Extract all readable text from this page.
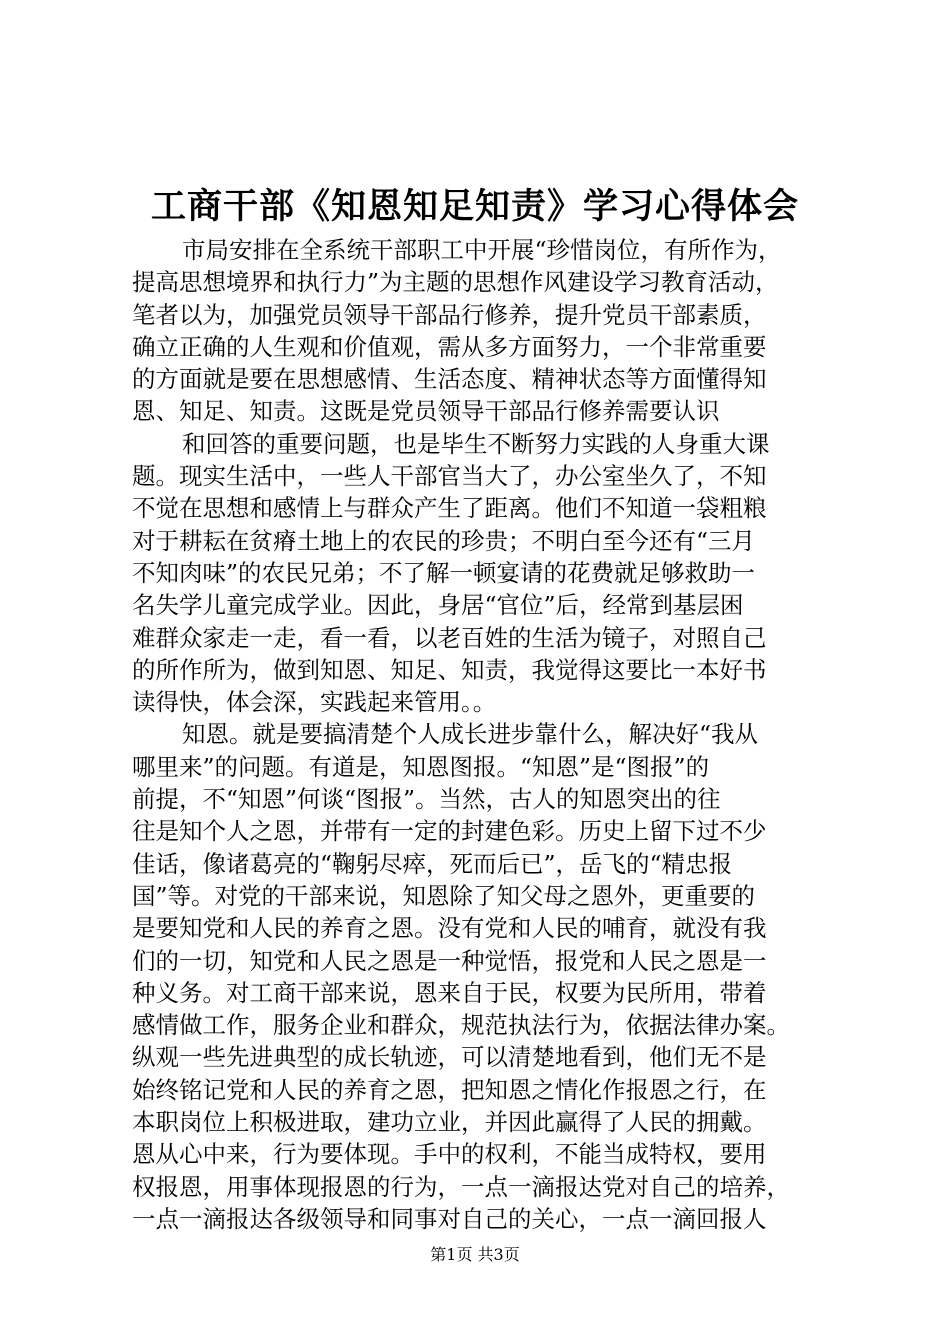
工商干部《知恩知足知责》学习心得体会

市局安排在全系统干部职工中开展“珍惜岗位，有所作为，
提高思想境界和执行力”为主题的思想作风建设学习教育活动，
笔者以为，加强党员领导干部品行修养，提升党员干部素质，
确立正确的人生观和价值观，需从多方面努力，一个非常重要
的方面就是要在思想感情、生活态度、精神状态等方面懂得知
恩、知足、知责。这既是党员领导干部品行修养需要认识

和回答的重要问题，也是毕生不断努力实践的人身重大课
题。现实生活中，一些人干部官当大了，办公室坐久了，不知
不觉在思想和感情上与群众产生了距离。他们不知道一袋粗粮
对于耕耘在贫瘠土地上的农民的珍贵；不明白至今还有“三月
不知肉味”的农民兄弟；不了解一顿宴请的花费就足够救助一
名失学儿童完成学业。因此，身居“官位”后，经常到基层困
难群众家走一走，看一看，以老百姓的生活为镜子，对照自己
的所作所为，做到知恩、知足、知责，我觉得这要比一本好书
读得快，体会深，实践起来管用。。

知恩。就是要搞清楚个人成长进步靠什么，解决好“我从
哪里来”的问题。有道是，知恩图报。“知恩”是“图报”的
前提，不“知恩”何谈“图报”。当然，古人的知恩突出的往
往是知个人之恩，并带有一定的封建色彩。历史上留下过不少
佳话，像诸葛亮的“鞠躬尽瘁，死而后已”，岳飞的“精忠报
国”等。对党的干部来说，知恩除了知父母之恩外，更重要的
是要知党和人民的养育之恩。没有党和人民的哺育，就没有我
们的一切，知党和人民之恩是一种觉悟，报党和人民之恩是一
种义务。对工商干部来说，恩来自于民，权要为民所用，带着
感情做工作，服务企业和群众，规范执法行为，依据法律办案。
纵观一些先进典型的成长轨迹，可以清楚地看到，他们无不是
始终铭记党和人民的养育之恩，把知恩之情化作报恩之行，在
本职岗位上积极进取，建功立业，并因此赢得了人民的拥戴。
恩从心中来，行为要体现。手中的权利，不能当成特权，要用
权报恩，用事体现报恩的行为，一点一滴报达党对自己的培养，
一点一滴报达各级领导和同事对自己的关心，一点一滴回报人

第1页 共3页
